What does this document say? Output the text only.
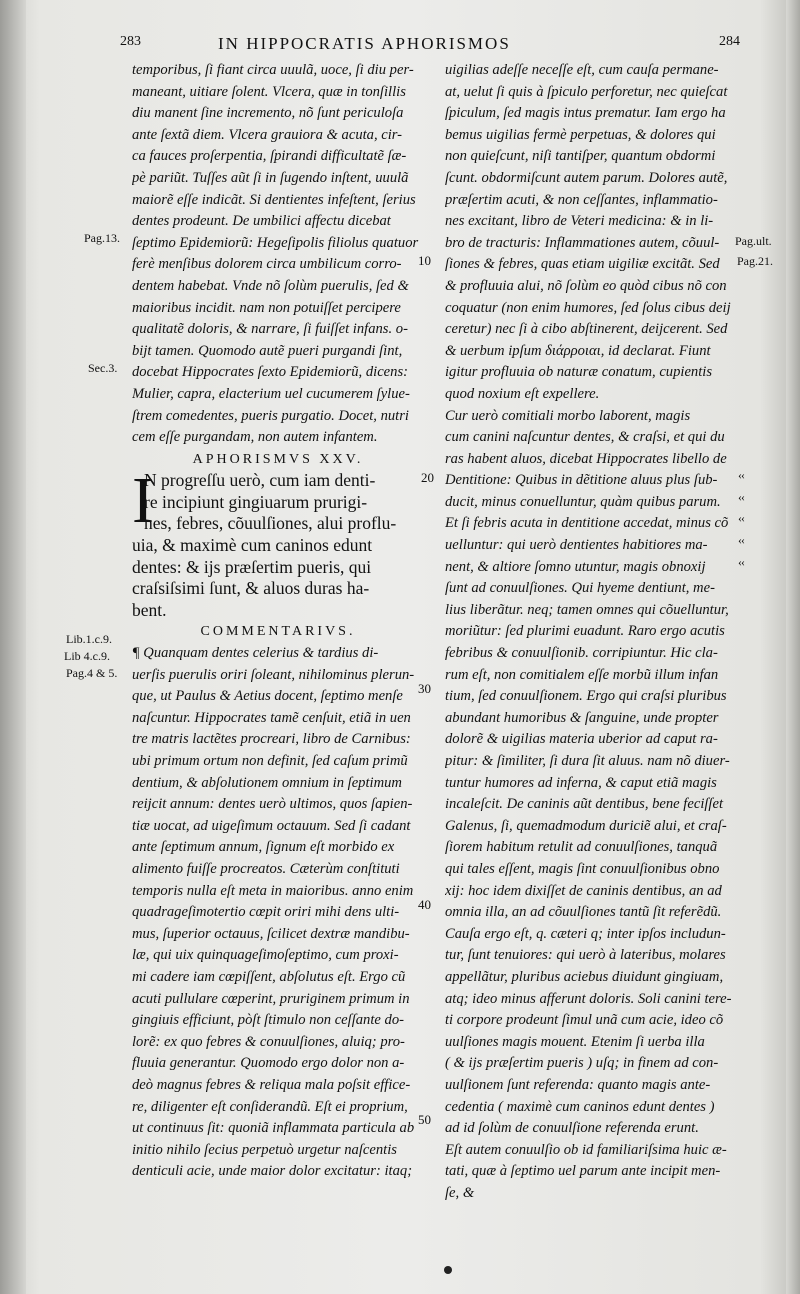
283	IN HIPPOCRATIS APHORISMOS	284
temporibus, ſi fiant circa uuulã, uoce, ſi diu per-
maneant, uitiare ſolent. Vlcera, quæ in tonſillis
diu manent ſine incremento, nõ ſunt periculoſa
ante ſextã diem. Vlcera grauiora & acuta, cir-
ca fauces proſerpentia, ſpirandi difficultatẽ ſæ-
pè pariũt. Tuſſes aũt ſi in ſugendo inſtent, uuulã
maiorẽ eſſe indicãt. Si dentientes infeſtent, ſerius
dentes prodeunt. De umbilici affectu dicebat
ſeptimo Epidemiorũ: Hegeſipolis filiolus quatuor
ferè menſibus dolorem circa umbilicum corro-
dentem habebat. Vnde nõ ſolùm puerulis, ſed &
maioribus incidit. nam non potuiſſet percipere
qualitatẽ doloris, & narrare, ſi fuiſſet infans. o-
bijt tamen. Quomodo autẽ pueri purgandi ſint,
docebat Hippocrates ſexto Epidemiorũ, dicens:
Mulier, capra, elacterium uel cucumerem ſylue-
ſtrem comedentes, pueris purgatio. Docet, nutri
cem eſſe purgandam, non autem infantem.
APHORISMVS XXV.
N progreſſu uerò, cum iam denti-
re incipiunt gingiuarum prurigi-
nes, febres, cõuulſiones, alui proflu-
uia, & maximè cum caninos edunt
dentes: & ijs præſertim pueris, qui
craſsiſsimi ſunt, & aluos duras ha-
bent.
COMMENTARIVS.
¶ Quanquam dentes celerius & tardius di-
uerſis puerulis oriri ſoleant, nihilominus plerun-
que, ut Paulus & Aetius docent, ſeptimo menſe
naſcuntur. Hippocrates tamẽ cenſuit, etiã in uen
tre matris lactẽtes procreari, libro de Carnibus:
ubi primum ortum non definit, ſed caſum primũ
dentium, & abſolutionem omnium in ſeptimum
reijcit annum: dentes uerò ultimos, quos ſapien-
tiæ uocat, ad uigeſimum octauum. Sed ſi cadant
ante ſeptimum annum, ſignum eſt morbido ex
alimento fuiſſe procreatos. Cæterùm conſtituti
temporis nulla eſt meta in maioribus. anno enim
quadrageſimotertio cœpit oriri mihi dens ulti-
mus, ſuperior octauus, ſcilicet dextræ mandibu-
læ, qui uix quinquageſimoſeptimo, cum proxi-
mi cadere iam cœpiſſent, abſolutus eſt. Ergo cũ
acuti pullulare cœperint, pruriginem primum in
gingiuis efficiunt, pòſt ſtimulo non ceſſante do-
lorẽ: ex quo febres & conuulſiones, aluiq; pro-
fluuia generantur. Quomodo ergo dolor non a-
deò magnus febres & reliqua mala poſsit effice-
re, diligenter eſt conſiderandũ. Eſt ei proprium,
ut continuus ſit: quoniã inflammata particula ab
initio nihilo ſecius perpetuò urgetur naſcentis
denticuli acie, unde maior dolor excitatur: itaq;
I
uigilias adeſſe neceſſe eſt, cum cauſa permane-
at, uelut ſi quis à ſpiculo perforetur, nec quieſcat
ſpiculum, ſed magis intus prematur. Iam ergo ha
bemus uigilias fermè perpetuas, & dolores qui
non quieſcunt, niſi tantiſper, quantum obdormi
ſcunt. obdormiſcunt autem parum. Dolores autẽ,
præſertim acuti, & non ceſſantes, inflammatio-
nes excitant, libro de Veteri medicina: & in li-
bro de tracturis: Inflammationes autem, cõuul-
ſiones & febres, quas etiam uigiliæ excitãt. Sed
& profluuia alui, nõ ſolùm eo quòd cibus nõ con
coquatur (non enim humores, ſed ſolus cibus deij
ceretur) nec ſi à cibo abſtinerent, deijcerent. Sed
& uerbum ipſum διάρροιαι, id declarat. Fiunt
igitur profluuia ob naturæ conatum, cupientis
quod noxium eſt expellere.
Cur uerò comitiali morbo laborent, magis
cum canini naſcuntur dentes, & craſsi, et qui du
ras habent aluos, dicebat Hippocrates libello de
Dentitione: Quibus in dẽtitione aluus plus ſub-
ducit, minus conuelluntur, quàm quibus parum.
Et ſi febris acuta in dentitione accedat, minus cõ
uelluntur: qui uerò dentientes habitiores ma-
nent, & altiore ſomno utuntur, magis obnoxij
ſunt ad conuulſiones. Qui hyeme dentiunt, me-
lius liberãtur. neq; tamen omnes qui cõuelluntur,
moriũtur: ſed plurimi euadunt. Raro ergo acutis
febribus & conuulſionib. corripiuntur. Hic cla-
rum eſt, non comitialem eſſe morbũ illum infan
tium, ſed conuulſionem. Ergo qui craſsi pluribus
abundant humoribus & ſanguine, unde propter
dolorẽ & uigilias materia uberior ad caput ra-
pitur: & ſimiliter, ſi dura ſit aluus. nam nõ diuer-
tuntur humores ad inferna, & caput etiã magis
incaleſcit. De caninis aũt dentibus, bene feciſſet
Galenus, ſi, quemadmodum duriciẽ alui, et craſ-
ſiorem habitum retulit ad conuulſiones, tanquã
qui tales eſſent, magis ſint conuulſionibus obno
xij: hoc idem dixiſſet de caninis dentibus, an ad
omnia illa, an ad cõuulſiones tantũ ſit referẽdũ.
Cauſa ergo eſt, q. cæteri q; inter ipſos includun-
tur, ſunt tenuiores: qui uerò à lateribus, molares
appellãtur, pluribus aciebus diuidunt gingiuam,
atq; ideo minus afferunt doloris. Soli canini tere-
ti corpore prodeunt ſimul unã cum acie, ideo cõ
uulſiones magis mouent. Etenim ſi uerba illa
( & ijs præſertim pueris ) uſq; in finem ad con-
uulſionem ſunt referenda: quanto magis ante-
cedentia ( maximè cum caninos edunt dentes )
ad id ſolùm de conuulſione referenda erunt.
Eſt autem conuulſio ob id familiariſsima huic æ-
tati, quæ à ſeptimo uel parum ante incipit men-
ſe, &
Pag.13.
Sec.3.
Lib.1.c.9.
Lib 4.c.9.
Pag.4 & 5.
Pag.ult.
Pag.21.
10
20
30
40
50
‹‹
‹‹
‹‹
‹‹
‹‹
